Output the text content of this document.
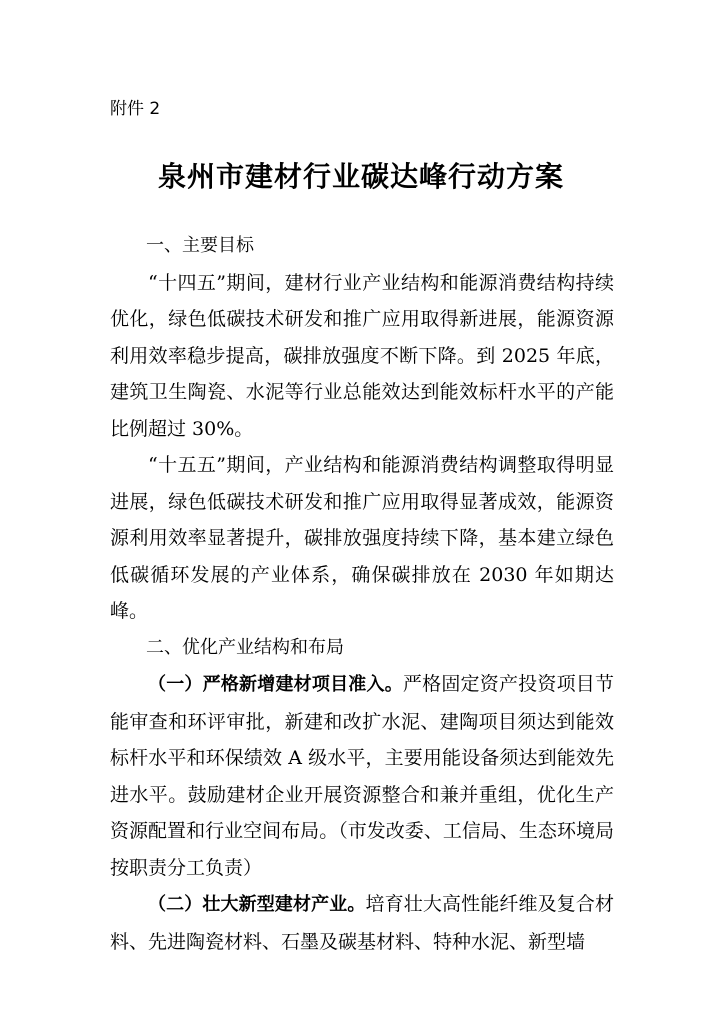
附件 2
泉州市建材行业碳达峰行动方案

一、主要目标

“十四五”期间，建材行业产业结构和能源消费结构持续优化，绿色低碳技术研发和推广应用取得新进展，能源资源利用效率稳步提高，碳排放强度不断下降。到 2025 年底，建筑卫生陶瓷、水泥等行业总能效达到能效标杆水平的产能比例超过 30%。

“十五五”期间，产业结构和能源消费结构调整取得明显进展，绿色低碳技术研发和推广应用取得显著成效，能源资源利用效率显著提升，碳排放强度持续下降，基本建立绿色低碳循环发展的产业体系，确保碳排放在 2030 年如期达峰。

二、优化产业结构和布局

（一）严格新增建材项目准入。严格固定资产投资项目节能审查和环评审批，新建和改扩水泥、建陶项目须达到能效标杆水平和环保绩效 A 级水平，主要用能设备须达到能效先进水平。鼓励建材企业开展资源整合和兼并重组，优化生产资源配置和行业空间布局。（市发改委、工信局、生态环境局按职责分工负责）

（二）壮大新型建材产业。培育壮大高性能纤维及复合材料、先进陶瓷材料、石墨及碳基材料、特种水泥、新型墙
